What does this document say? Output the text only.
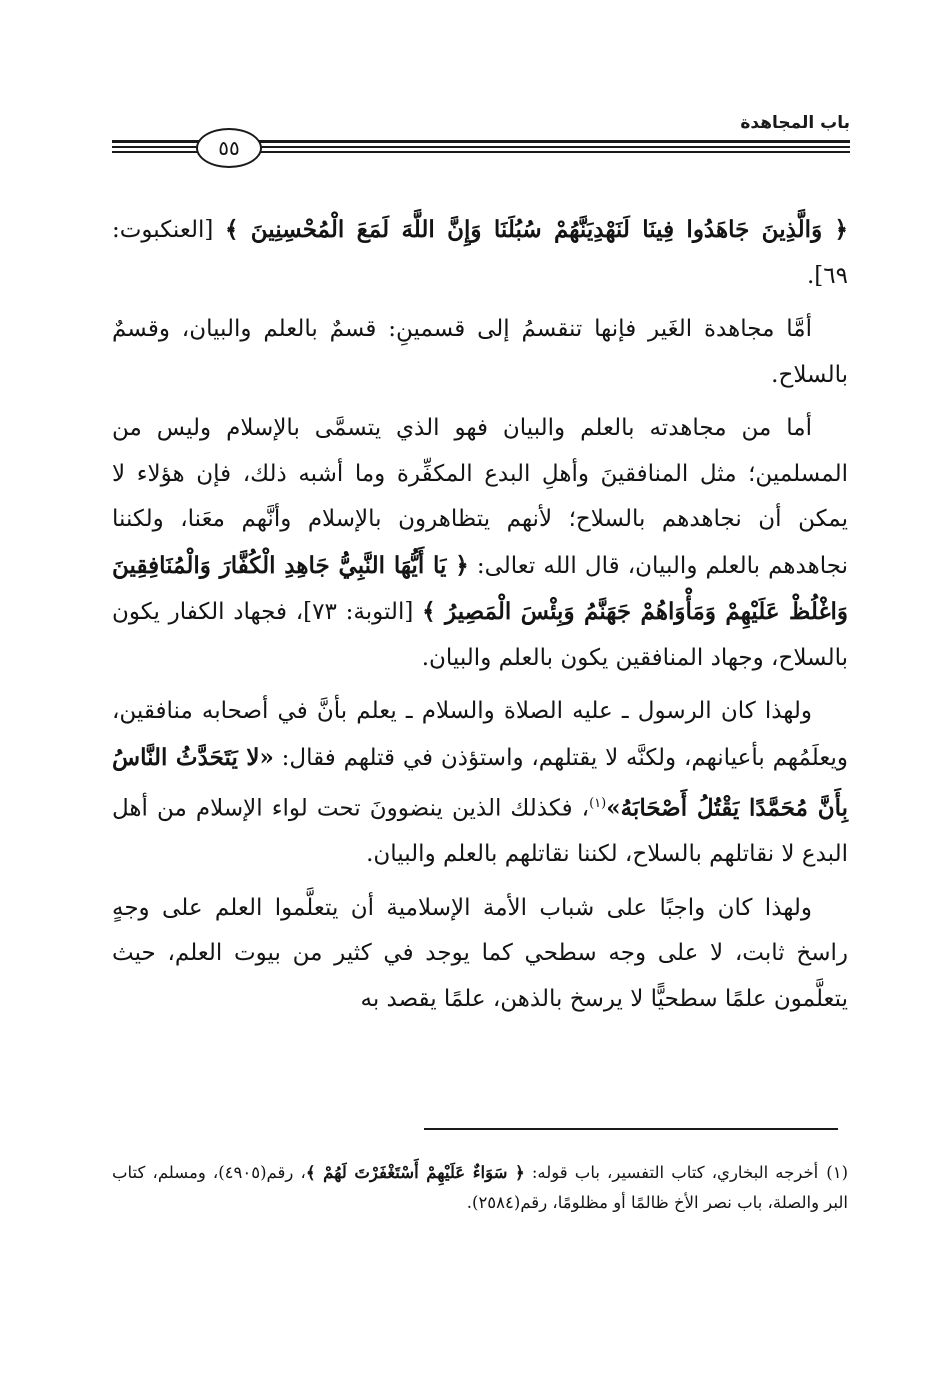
باب المجاهدة
٥٥

﴿ وَالَّذِينَ جَاهَدُوا فِينَا لَنَهْدِيَنَّهُمْ سُبُلَنَا وَإِنَّ اللَّهَ لَمَعَ الْمُحْسِنِينَ ﴾ [العنكبوت: ٦٩].

أمَّا مجاهدة الغَير فإنها تنقسمُ إلى قسمينِ: قسمٌ بالعلم والبيان، وقسمٌ بالسلاح.

أما من مجاهدته بالعلم والبيان فهو الذي يتسمَّى بالإسلام وليس من المسلمين؛ مثل المنافقينَ وأهلِ البدع المكفِّرة وما أشبه ذلك، فإن هؤلاء لا يمكن أن نجاهدهم بالسلاح؛ لأنهم يتظاهرون بالإسلام وأنَّهم معَنا، ولكننا نجاهدهم بالعلم والبيان، قال الله تعالى: ﴿ يَا أَيُّهَا النَّبِيُّ جَاهِدِ الْكُفَّارَ وَالْمُنَافِقِينَ وَاغْلُظْ عَلَيْهِمْ وَمَأْوَاهُمْ جَهَنَّمُ وَبِئْسَ الْمَصِيرُ ﴾ [التوبة: ٧٣]، فجهاد الكفار يكون بالسلاح، وجهاد المنافقين يكون بالعلم والبيان.

ولهذا كان الرسول ـ عليه الصلاة والسلام ـ يعلم بأنَّ في أصحابه منافقين، ويعلَمُهم بأعيانهم، ولكنَّه لا يقتلهم، واستؤذن في قتلهم فقال: «لا يَتَحَدَّثُ النَّاسُ بِأَنَّ مُحَمَّدًا يَقْتُلُ أَصْحَابَهُ»$^{(١)}$، فكذلك الذين ينضوونَ تحت لواء الإسلام من أهل البدع لا نقاتلهم بالسلاح، لكننا نقاتلهم بالعلم والبيان.

ولهذا كان واجبًا على شباب الأمة الإسلامية أن يتعلَّموا العلم على وجهٍ راسخ ثابت، لا على وجه سطحي كما يوجد في كثير من بيوت العلم، حيث يتعلَّمون علمًا سطحيًّا لا يرسخ بالذهن، علمًا يقصد به

(١)أخرجه البخاري، كتاب التفسير، باب قوله: ﴿ سَوَاءٌ عَلَيْهِمْ أَسْتَغْفَرْتَ لَهُمْ ﴾، رقم(٤٩٠٥)، ومسلم، كتاب البر والصلة، باب نصر الأخ ظالمًا أو مظلومًا، رقم(٢٥٨٤).
